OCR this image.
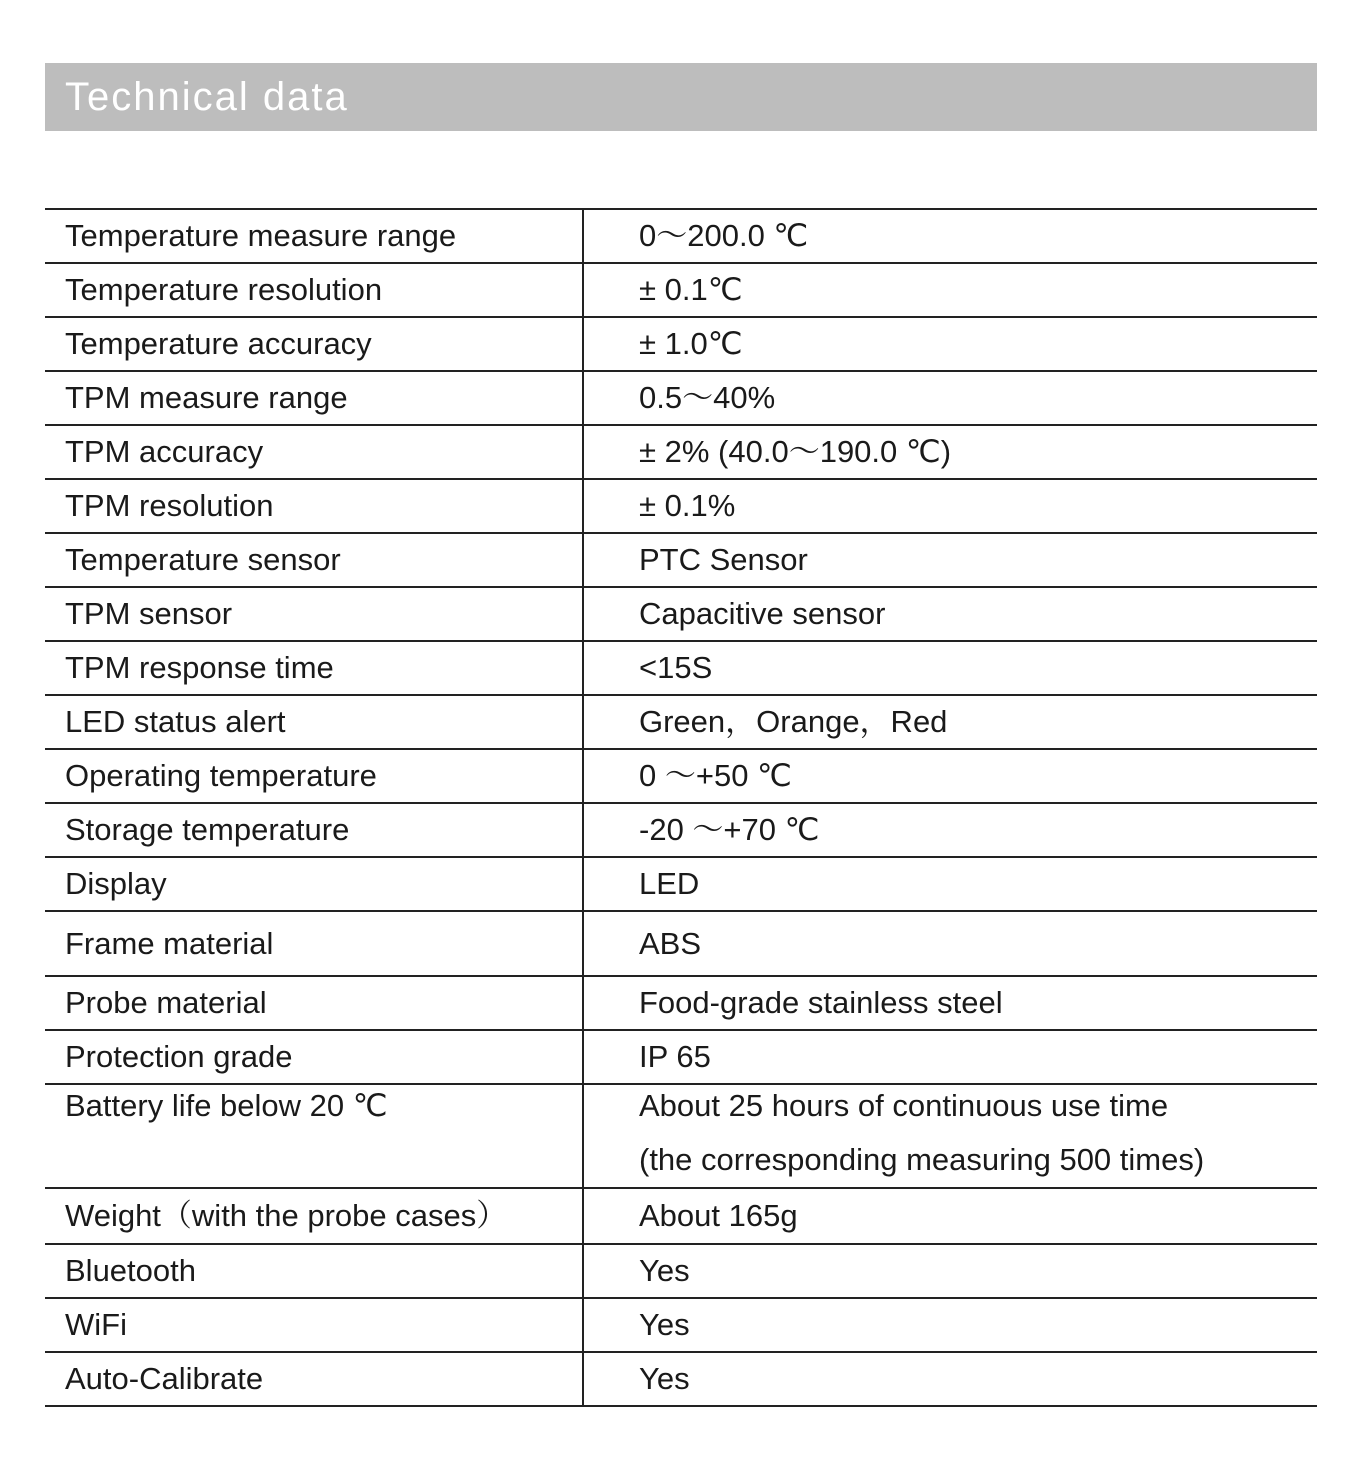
Technical data
Temperature measure range	0～200.0 ℃
Temperature resolution	± 0.1℃
Temperature accuracy	± 1.0℃
TPM measure range	0.5～40%
TPM accuracy	± 2% (40.0～190.0 ℃)
TPM resolution	± 0.1%
Temperature sensor	PTC Sensor
TPM sensor	Capacitive sensor
TPM response time	<15S
LED status alert	Green，Orange，Red
Operating temperature	0 ～+50 ℃
Storage temperature	-20 ～+70 ℃
Display	LED
Frame material	ABS
Probe material	Food-grade stainless steel
Protection grade	IP 65
Battery life below 20 ℃	About 25 hours of continuous use time
(the corresponding measuring 500 times)
Weight（with the probe cases）	About 165g
Bluetooth	Yes
WiFi	Yes
Auto-Calibrate	Yes
